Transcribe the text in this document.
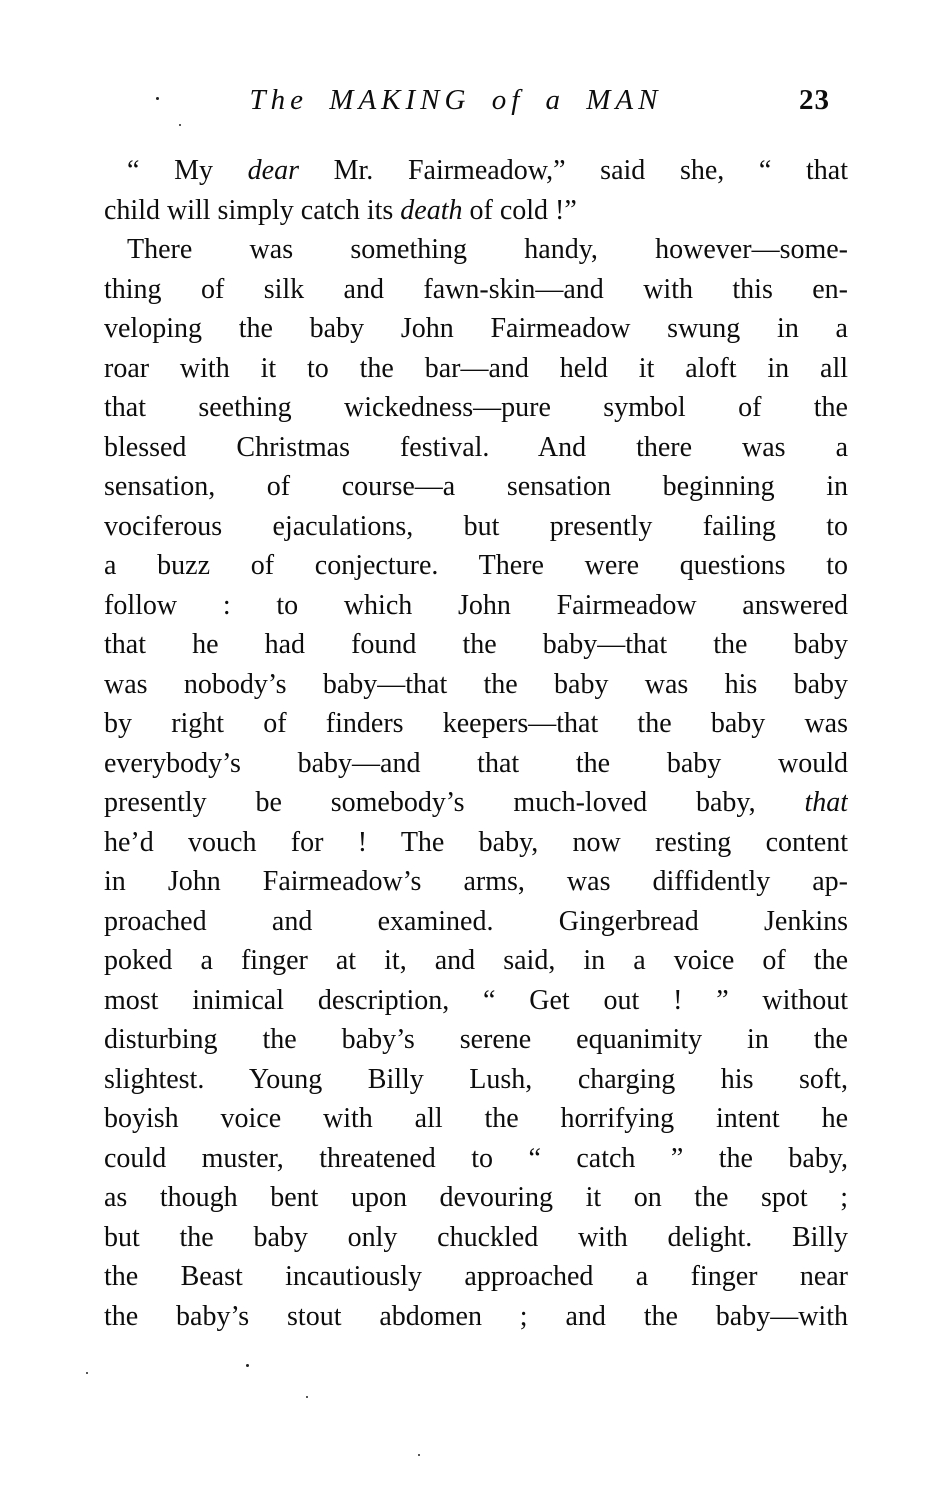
The MAKING of a MAN	23
“ My dear Mr. Fairmeadow,” said she, “ that
child will simply catch its death of cold !”
There was something handy, however—some-
thing of silk and fawn-skin—and with this en-
veloping the baby John Fairmeadow swung in a
roar with it to the bar—and held it aloft in all
that seething wickedness—pure symbol of the
blessed Christmas festival. And there was a
sensation, of course—a sensation beginning in
vociferous ejaculations, but presently failing to
a buzz of conjecture. There were questions to
follow : to which John Fairmeadow answered
that he had found the baby—that the baby
was nobody’s baby—that the baby was his baby
by right of finders keepers—that the baby was
everybody’s baby—and that the baby would
presently be somebody’s much-loved baby, that
he’d vouch for ! The baby, now resting content
in John Fairmeadow’s arms, was diffidently ap-
proached and examined. Gingerbread Jenkins
poked a finger at it, and said, in a voice of the
most inimical description, “ Get out ! ” without
disturbing the baby’s serene equanimity in the
slightest. Young Billy Lush, charging his soft,
boyish voice with all the horrifying intent he
could muster, threatened to “ catch ” the baby,
as though bent upon devouring it on the spot ;
but the baby only chuckled with delight. Billy
the Beast incautiously approached a finger near
the baby’s stout abdomen ; and the baby—with
